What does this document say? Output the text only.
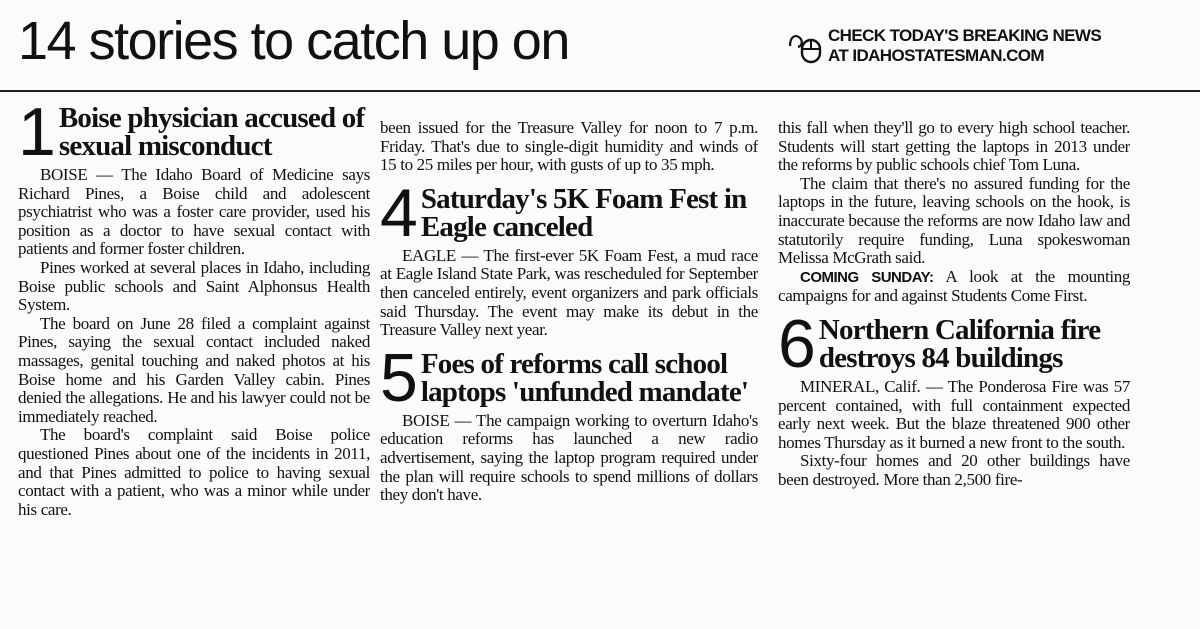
14 stories to catch up on	CHECK TODAY'S BREAKING NEWS
AT IDAHOSTATESMAN.COM
1 Boise physician accused of sexual misconduct

BOISE — The Idaho Board of Medicine says Richard Pines, a Boise child and adolescent psychiatrist who was a foster care provider, used his position as a doctor to have sexual contact with patients and former foster children.

Pines worked at several places in Idaho, including Boise public schools and Saint Alphonsus Health System.

The board on June 28 filed a complaint against Pines, saying the sexual contact included naked massages, genital touching and naked photos at his Boise home and his Garden Valley cabin. Pines denied the allegations. He and his lawyer could not be immediately reached.

The board's complaint said Boise police questioned Pines about one of the incidents in 2011, and that Pines admitted to police to having sexual contact with a patient, who was a minor while under his care.

been issued for the Treasure Valley for noon to 7 p.m. Friday. That's due to single-digit humidity and winds of 15 to 25 miles per hour, with gusts of up to 35 mph.

4 Saturday's 5K Foam Fest in Eagle canceled

EAGLE — The first-ever 5K Foam Fest, a mud race at Eagle Island State Park, was rescheduled for September then canceled entirely, event organizers and park officials said Thursday. The event may make its debut in the Treasure Valley next year.

5 Foes of reforms call school laptops 'unfunded mandate'

BOISE — The campaign working to overturn Idaho's education reforms has launched a new radio advertisement, saying the laptop program required under the plan will require schools to spend millions of dollars they don't have.

this fall when they'll go to every high school teacher. Students will start getting the laptops in 2013 under the reforms by public schools chief Tom Luna.

The claim that there's no assured funding for the laptops in the future, leaving schools on the hook, is inaccurate because the reforms are now Idaho law and statutorily require funding, Luna spokeswoman Melissa McGrath said.

COMING SUNDAY: A look at the mounting campaigns for and against Students Come First.

6 Northern California fire destroys 84 buildings

MINERAL, Calif. — The Ponderosa Fire was 57 percent contained, with full containment expected early next week. But the blaze threatened 900 other homes Thursday as it burned a new front to the south.

Sixty-four homes and 20 other buildings have been destroyed. More than 2,500 fire-
